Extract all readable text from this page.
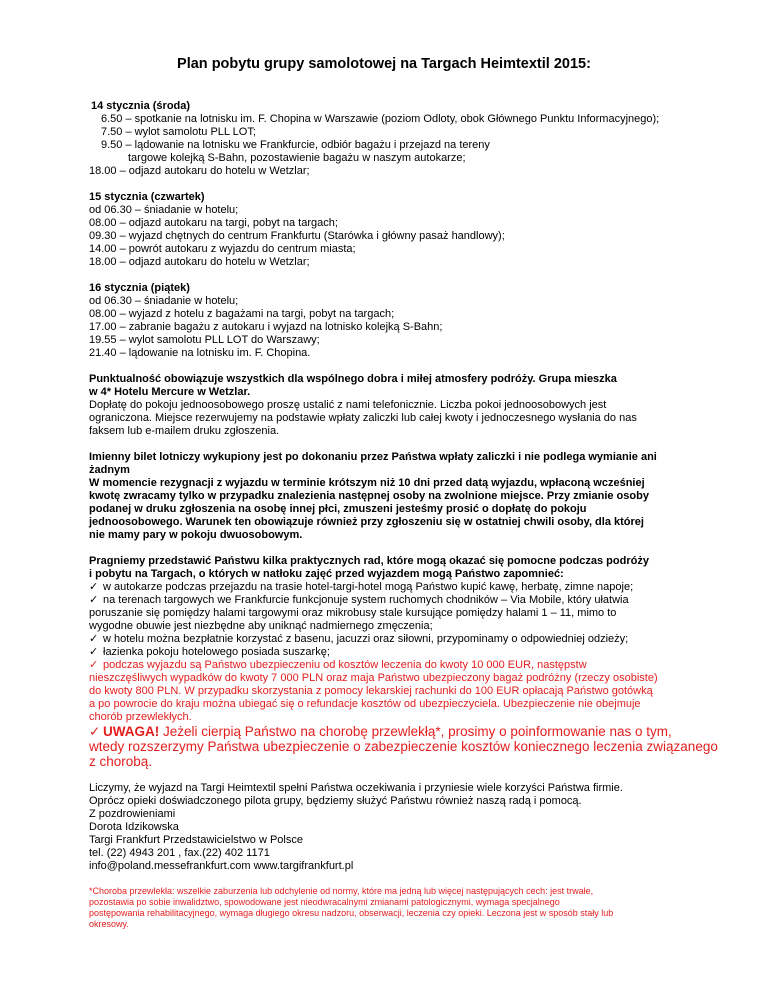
Plan pobytu grupy samolotowej na Targach Heimtextil 2015:
14 stycznia (środa)
6.50 – spotkanie na lotnisku im. F. Chopina w Warszawie (poziom Odloty, obok Głównego Punktu Informacyjnego);
7.50 – wylot samolotu PLL LOT;
9.50 – lądowanie na lotnisku we Frankfurcie, odbiór bagażu i przejazd na tereny
targowe kolejką S-Bahn, pozostawienie bagażu w naszym autokarze;
18.00 – odjazd autokaru do hotelu w Wetzlar;
15 stycznia (czwartek)
od 06.30 – śniadanie w hotelu;
08.00 – odjazd autokaru na targi, pobyt na targach;
09.30 – wyjazd chętnych do centrum Frankfurtu (Starówka i główny pasaż handlowy);
14.00 – powrót autokaru z wyjazdu do centrum miasta;
18.00 – odjazd autokaru do hotelu w Wetzlar;
16 stycznia (piątek)
od 06.30 – śniadanie w hotelu;
08.00 – wyjazd z hotelu z bagażami na targi, pobyt na targach;
17.00 – zabranie bagażu z autokaru i wyjazd na lotnisko kolejką S-Bahn;
19.55 – wylot samolotu PLL LOT do Warszawy;
21.40 – lądowanie na lotnisku im. F. Chopina.
Punktualność obowiązuje wszystkich dla wspólnego dobra i miłej atmosfery podróży. Grupa mieszka
w 4* Hotelu Mercure w Wetzlar.
Dopłatę do pokoju jednoosobowego proszę ustalić z nami telefonicznie. Liczba pokoi jednoosobowych jest
ograniczona. Miejsce rezerwujemy na podstawie wpłaty zaliczki lub całej kwoty i jednoczesnego wysłania do nas
faksem lub e-mailem druku zgłoszenia.
Imienny bilet lotniczy wykupiony jest po dokonaniu przez Państwa wpłaty zaliczki i nie podlega wymianie ani
żadnym
W momencie rezygnacji z wyjazdu w terminie krótszym niż 10 dni przed datą wyjazdu, wpłaconą wcześniej
kwotę zwracamy tylko w przypadku znalezienia następnej osoby na zwolnione miejsce. Przy zmianie osoby
podanej w druku zgłoszenia na osobę innej płci, zmuszeni jesteśmy prosić o dopłatę do pokoju
jednoosobowego. Warunek ten obowiązuje również przy zgłoszeniu się w ostatniej chwili osoby, dla której
nie mamy pary w pokoju dwuosobowym.
Pragniemy przedstawić Państwu kilka praktycznych rad, które mogą okazać się pomocne podczas podróży
i pobytu na Targach, o których w natłoku zajęć przed wyjazdem mogą Państwo zapomnieć:
✓ w autokarze podczas przejazdu na trasie hotel-targi-hotel mogą Państwo kupić kawę, herbatę, zimne napoje;
✓ na terenach targowych we Frankfurcie funkcjonuje system ruchomych chodników – Via Mobile, który ułatwia
poruszanie się pomiędzy halami targowymi oraz mikrobusy stale kursujące pomiędzy halami 1 – 11, mimo to
wygodne obuwie jest niezbędne aby uniknąć nadmiernego zmęczenia;
✓ w hotelu można bezpłatnie korzystać z basenu, jacuzzi oraz siłowni, przypominamy o odpowiedniej odzieży;
✓ łazienka pokoju hotelowego posiada suszarkę;
✓ podczas wyjazdu są Państwo ubezpieczeniu od kosztów leczenia do kwoty 10 000 EUR, następstw
nieszczęśliwych wypadków do kwoty 7 000 PLN oraz maja Państwo ubezpieczony bagaż podróżny (rzeczy osobiste)
do kwoty 800 PLN. W przypadku skorzystania z pomocy lekarskiej rachunki do 100 EUR opłacają Państwo gotówką
a po powrocie do kraju można ubiegać się o refundacje kosztów od ubezpieczyciela. Ubezpieczenie nie obejmuje
chorób przewlekłych.
✓ UWAGA! Jeżeli cierpią Państwo na chorobę przewlekłą*, prosimy o poinformowanie nas o tym,
wtedy rozszerzymy Państwa ubezpieczenie o zabezpieczenie kosztów koniecznego leczenia związanego
z chorobą.
Liczymy, że wyjazd na Targi Heimtextil spełni Państwa oczekiwania i przyniesie wiele korzyści Państwa firmie.
Oprócz opieki doświadczonego pilota grupy, będziemy służyć Państwu również naszą radą i pomocą.
Z pozdrowieniami
Dorota Idzikowska
Targi Frankfurt Przedstawicielstwo w Polsce
tel. (22) 4943 201 , fax.(22) 402 1171
info@poland.messefrankfurt.com www.targifrankfurt.pl
*Choroba przewlekła: wszelkie zaburzenia lub odchylenie od normy, które ma jedną lub więcej następujących cech: jest trwałe,
pozostawia po sobie inwalidztwo, spowodowane jest nieodwracalnymi zmianami patologicznymi, wymaga specjalnego
postępowania rehabilitacyjnego, wymaga długiego okresu nadzoru, obserwacji, leczenia czy opieki. Leczona jest w sposób stały lub
okresowy.
